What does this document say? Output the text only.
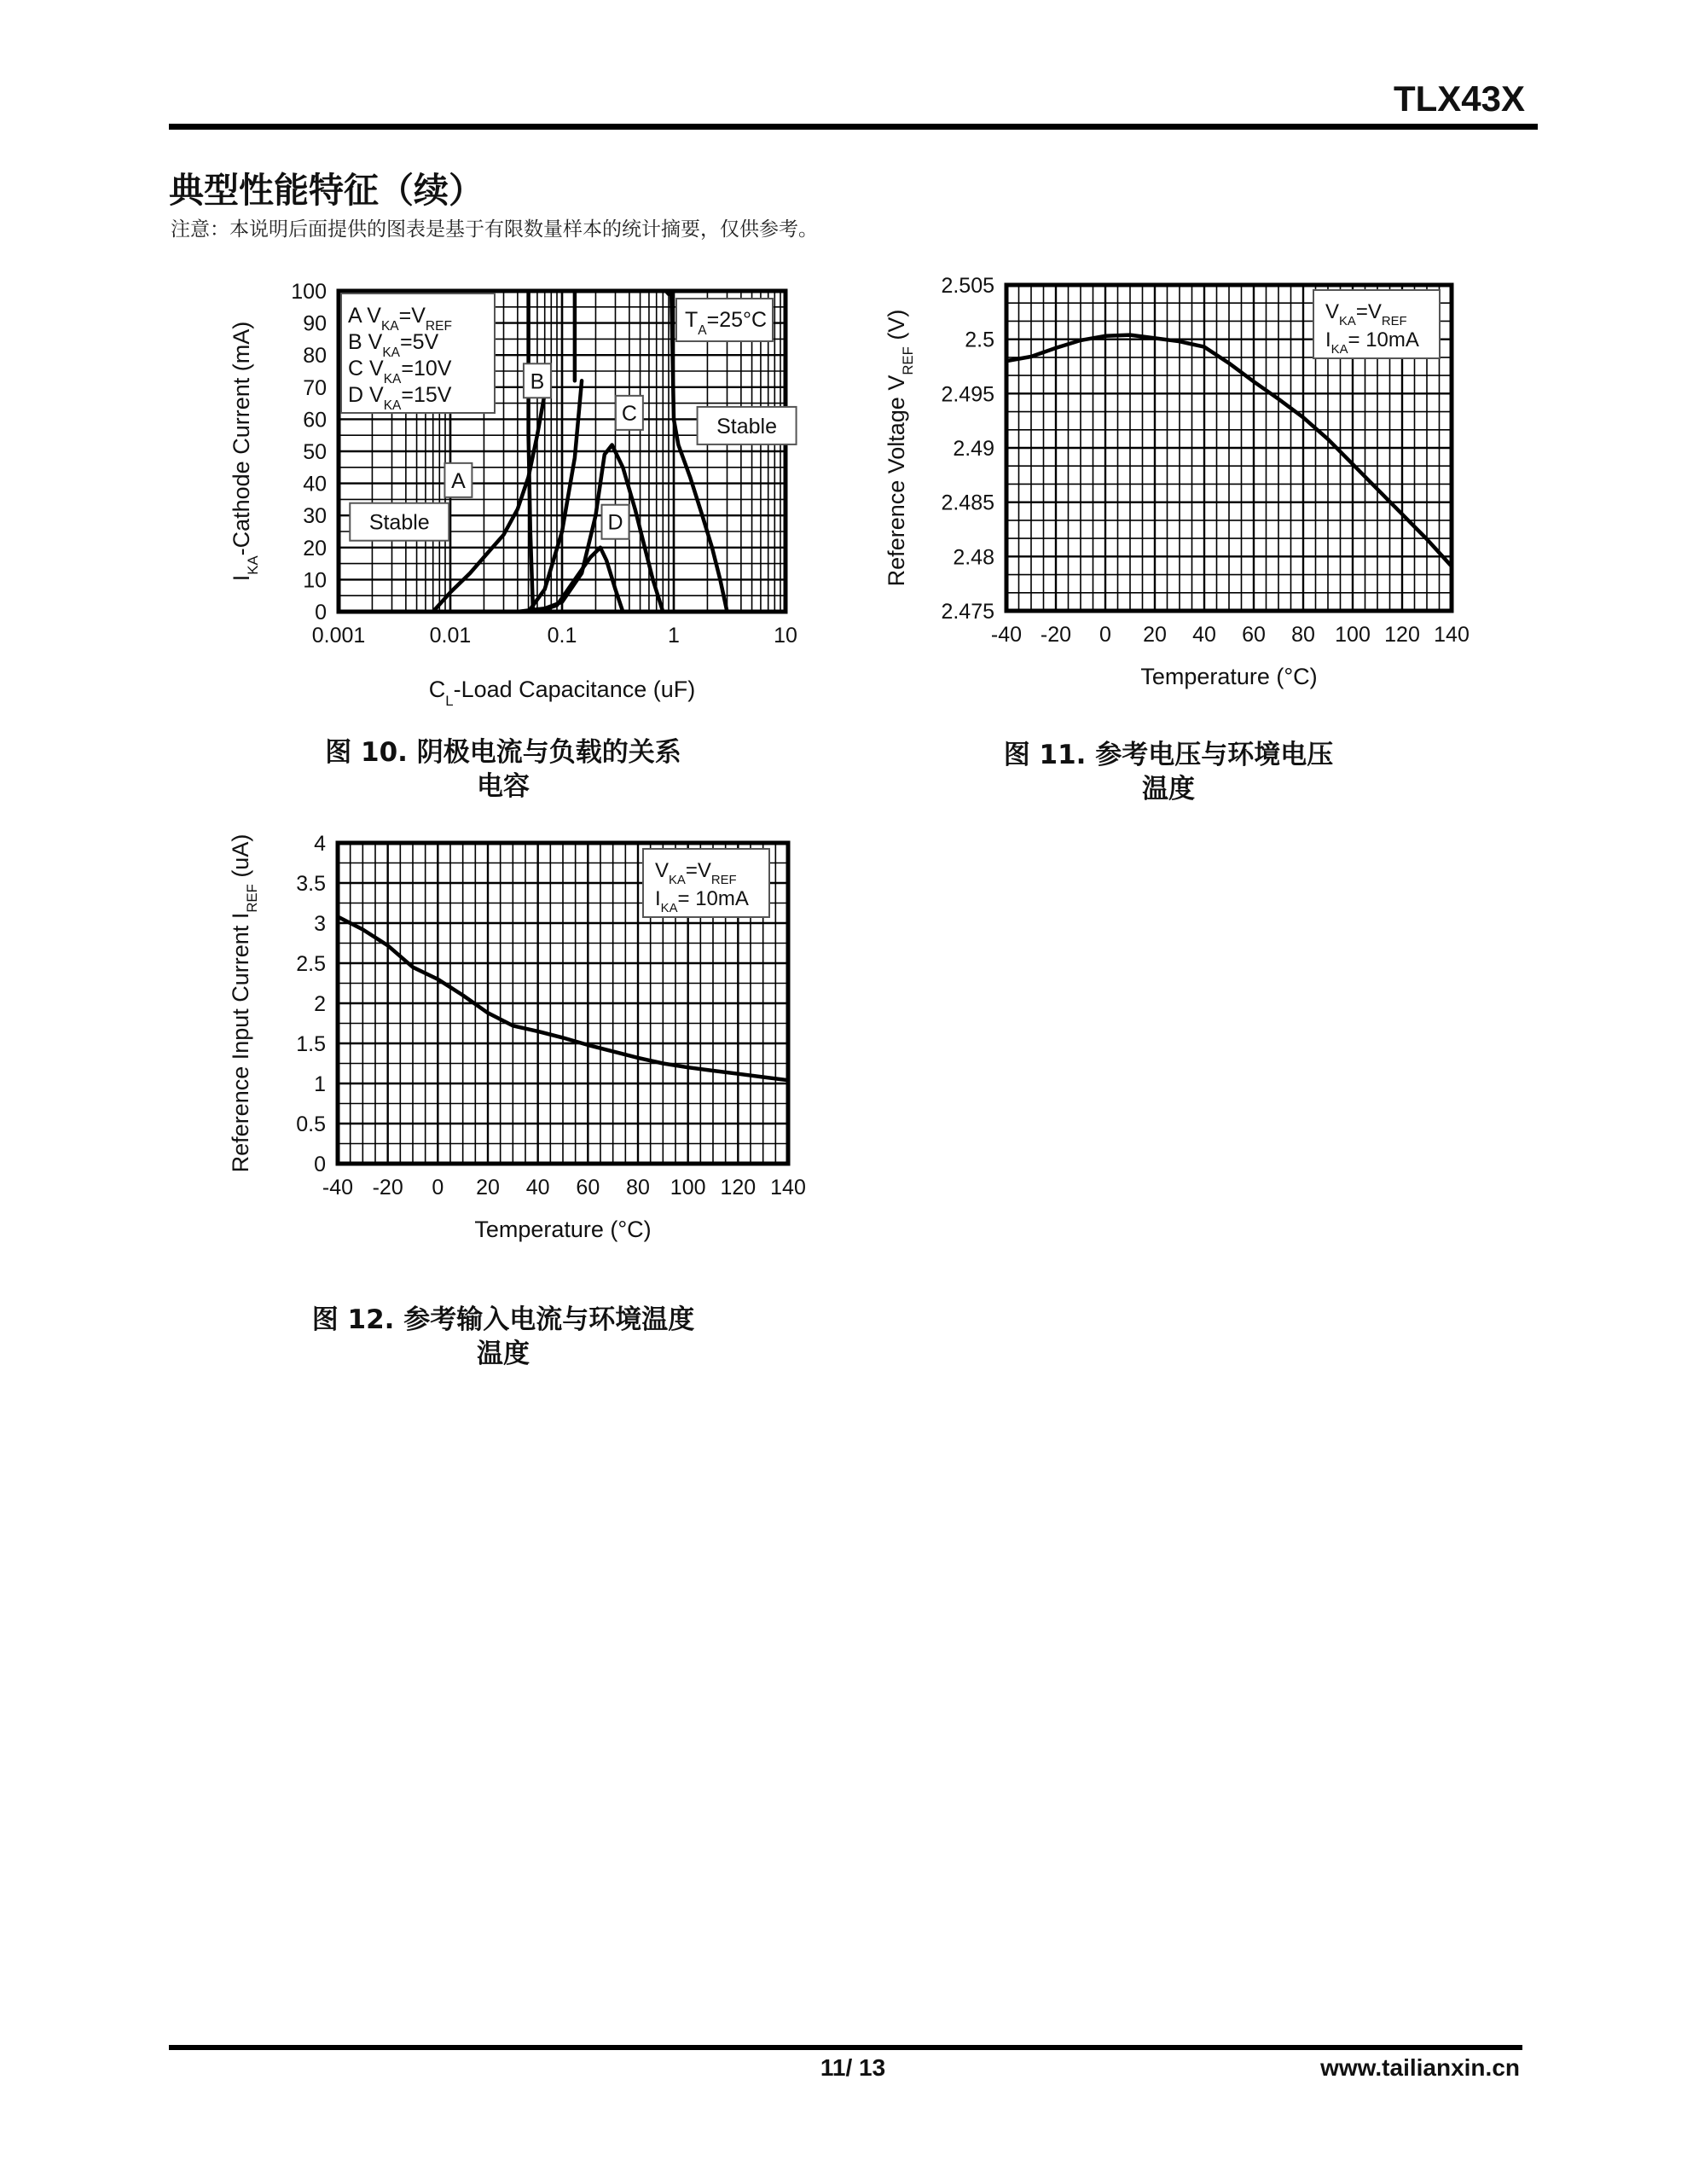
TLX43X
典型性能特征（续）
注意：本说明后面提供的图表是基于有限数量样本的统计摘要，仅供参考。
0.001	0.01	0.1	1	10
0
10
20
30
40
50
60
70
80
90
100
A $V_{KA}=V_{REF}$
B $V_{KA}=5V$
C $V_{KA}=10V$
D $V_{KA}=15V$
$T_A=25^\circ C$
Stable
Stable
A
B
C
D
$C_L$-Load Capacitance (uF)
$I_{KA}$-Cathode Current (mA)
-40 -20 0 20 40 60 80 100 120 140
2.475
2.48
2.485
2.49
2.495
2.5
2.505
$V_{KA}=V_{REF}$
$I_{KA}= 10mA$
Temperature (°C)
Reference Voltage $V_{REF}$ (V)
-40 -20 0 20 40 60 80 100 120 140
0
0.5
1
1.5
2
2.5
3
3.5
4
$V_{KA}=V_{REF}$
$I_{KA}= 10mA$
Temperature (°C)
Reference Input Current $I_{REF}$ (uA)
图 10. 阴极电流与负载的关系
电容
图 11. 参考电压与环境电压
温度
图 12. 参考输入电流与环境温度
温度
11/ 13	www.tailianxin.cn
